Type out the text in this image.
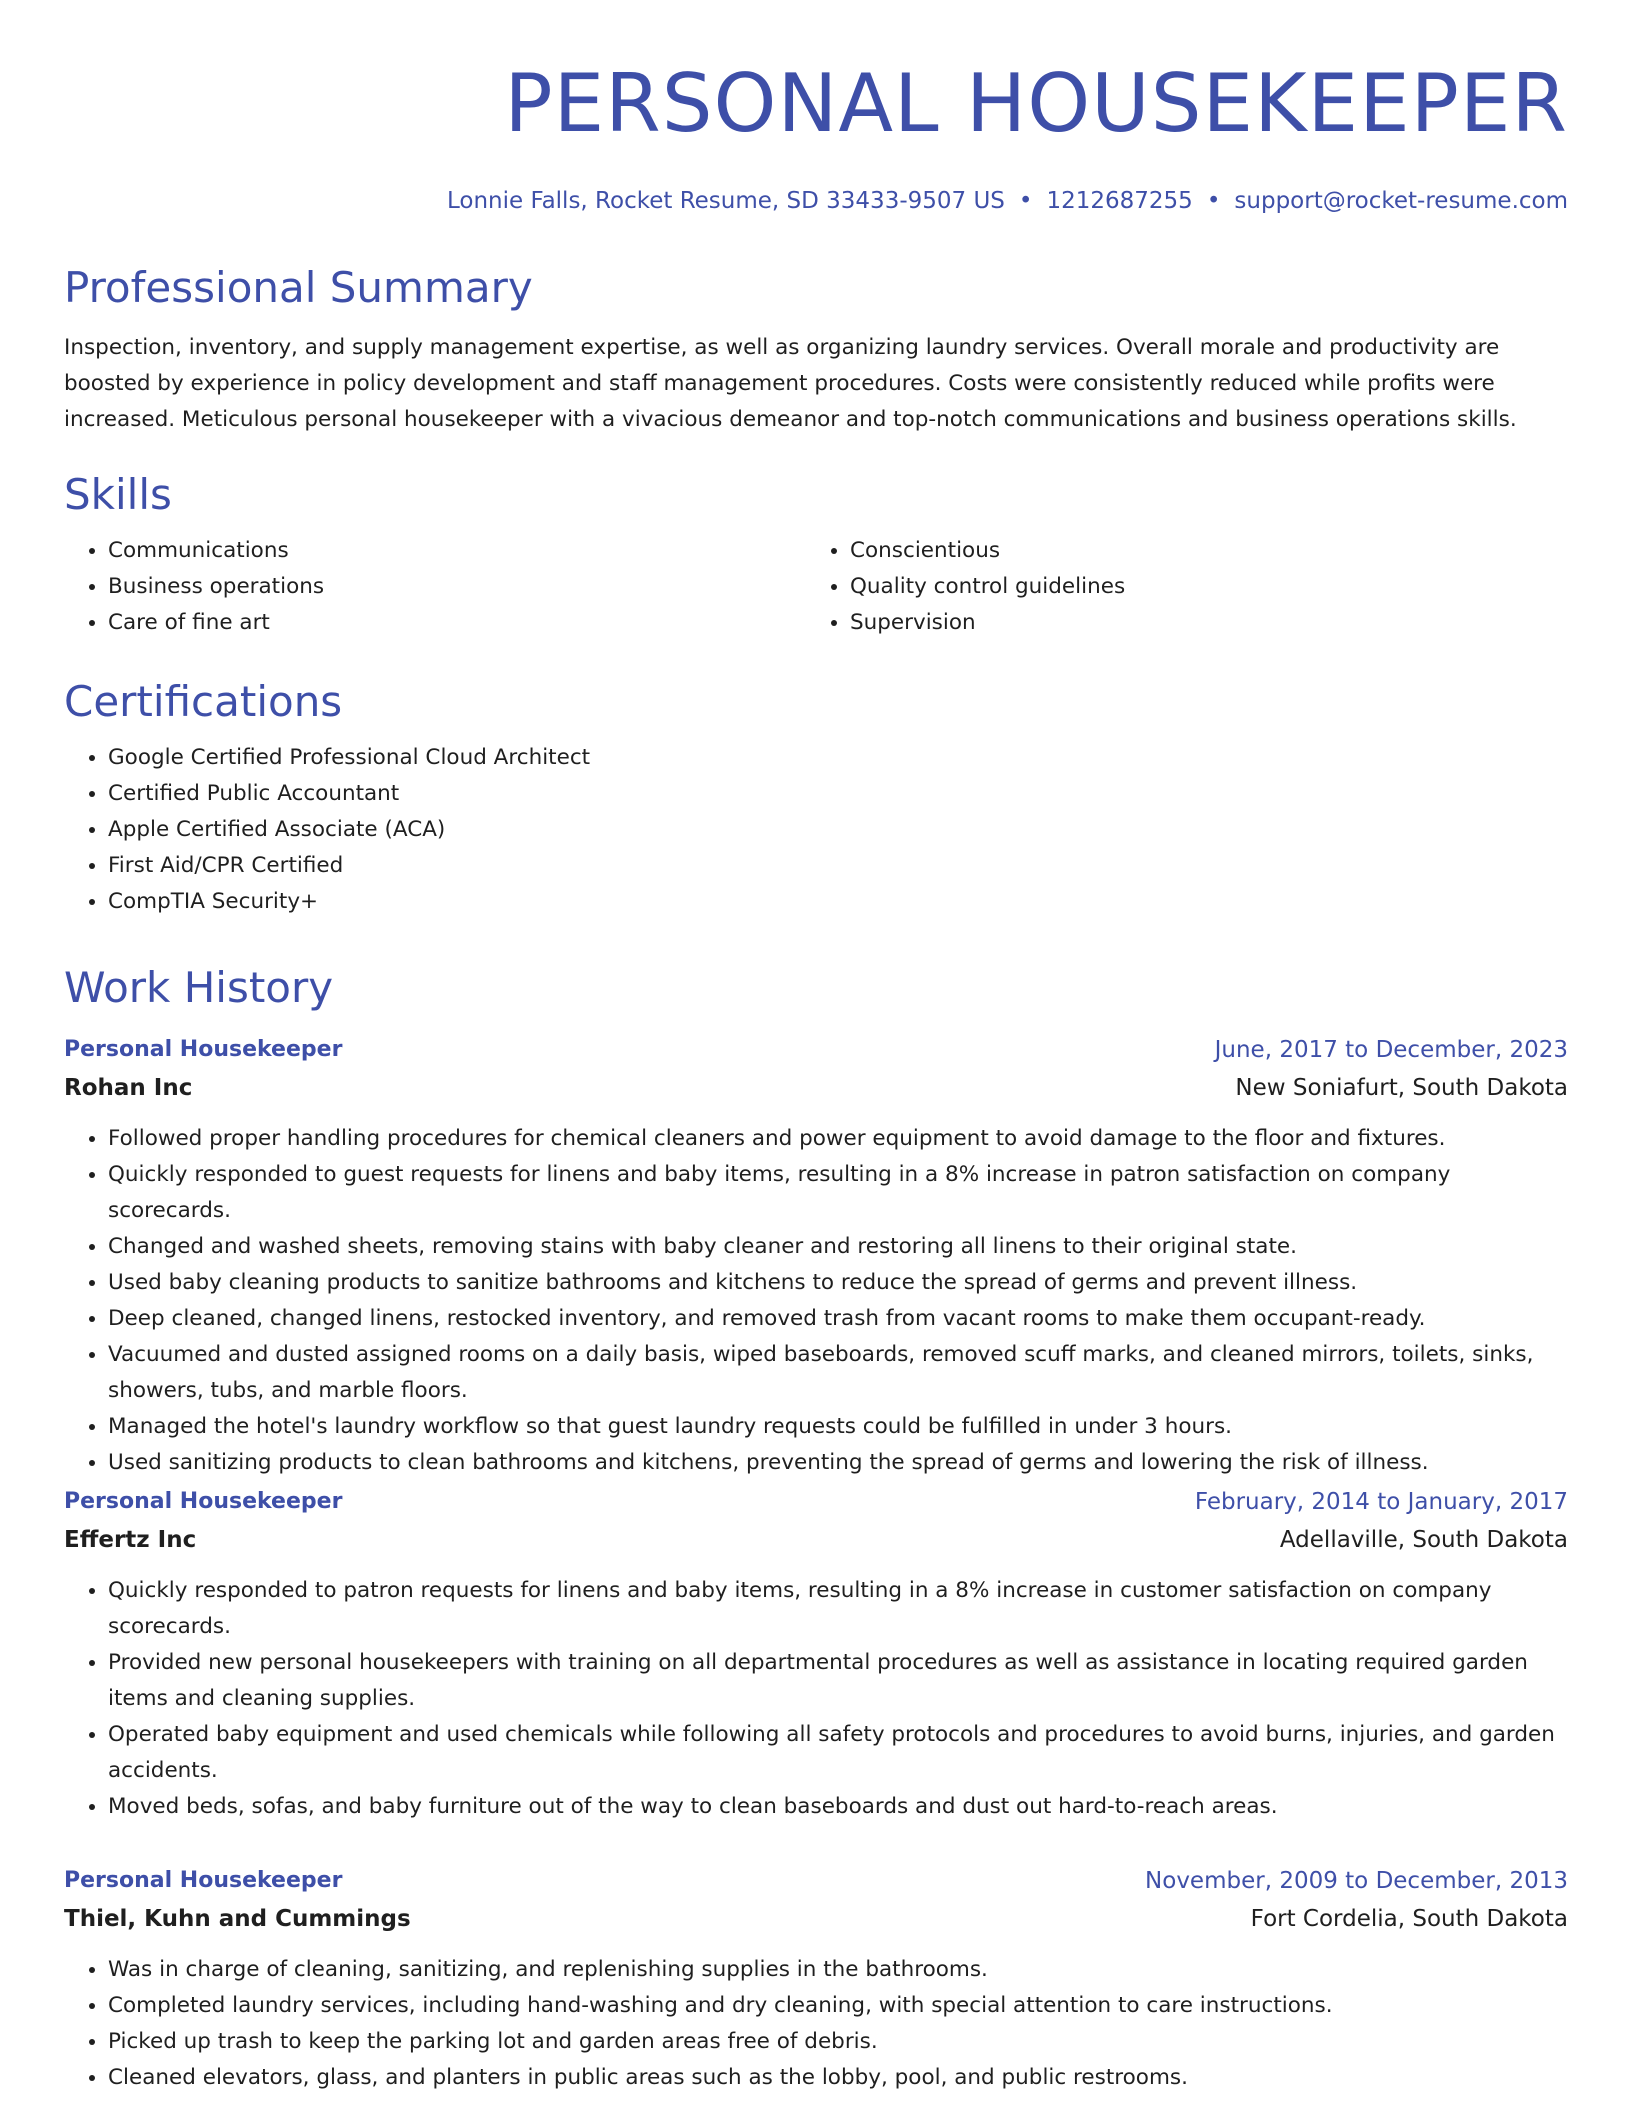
PERSONAL HOUSEKEEPER
Lonnie Falls, Rocket Resume, SD 33433-9507 US • 1212687255 • support@rocket-resume.com
Professional Summary

Inspection, inventory, and supply management expertise, as well as organizing laundry services. Overall morale and productivity are boosted by experience in policy development and staff management procedures. Costs were consistently reduced while profits were increased. Meticulous personal housekeeper with a vivacious demeanor and top-notch communications and business operations skills.

Skills
• Communications
• Business operations
• Care of fine art
• Conscientious
• Quality control guidelines
• Supervision
Certifications
• Google Certified Professional Cloud Architect
• Certified Public Accountant
• Apple Certified Associate (ACA)
• First Aid/CPR Certified
• CompTIA Security+
Work History
Personal Housekeeper	June, 2017 to December, 2023
Rohan Inc	New Soniafurt, South Dakota
• Followed proper handling procedures for chemical cleaners and power equipment to avoid damage to the floor and fixtures.
• Quickly responded to guest requests for linens and baby items, resulting in a 8% increase in patron satisfaction on company scorecards.
• Changed and washed sheets, removing stains with baby cleaner and restoring all linens to their original state.
• Used baby cleaning products to sanitize bathrooms and kitchens to reduce the spread of germs and prevent illness.
• Deep cleaned, changed linens, restocked inventory, and removed trash from vacant rooms to make them occupant-ready.
• Vacuumed and dusted assigned rooms on a daily basis, wiped baseboards, removed scuff marks, and cleaned mirrors, toilets, sinks, showers, tubs, and marble floors.
• Managed the hotel's laundry workflow so that guest laundry requests could be fulfilled in under 3 hours.
• Used sanitizing products to clean bathrooms and kitchens, preventing the spread of germs and lowering the risk of illness.
Personal Housekeeper	February, 2014 to January, 2017
Effertz Inc	Adellaville, South Dakota
• Quickly responded to patron requests for linens and baby items, resulting in a 8% increase in customer satisfaction on company scorecards.
• Provided new personal housekeepers with training on all departmental procedures as well as assistance in locating required garden items and cleaning supplies.
• Operated baby equipment and used chemicals while following all safety protocols and procedures to avoid burns, injuries, and garden accidents.
• Moved beds, sofas, and baby furniture out of the way to clean baseboards and dust out hard-to-reach areas.
Personal Housekeeper	November, 2009 to December, 2013
Thiel, Kuhn and Cummings	Fort Cordelia, South Dakota
• Was in charge of cleaning, sanitizing, and replenishing supplies in the bathrooms.
• Completed laundry services, including hand-washing and dry cleaning, with special attention to care instructions.
• Picked up trash to keep the parking lot and garden areas free of debris.
• Cleaned elevators, glass, and planters in public areas such as the lobby, pool, and public restrooms.
